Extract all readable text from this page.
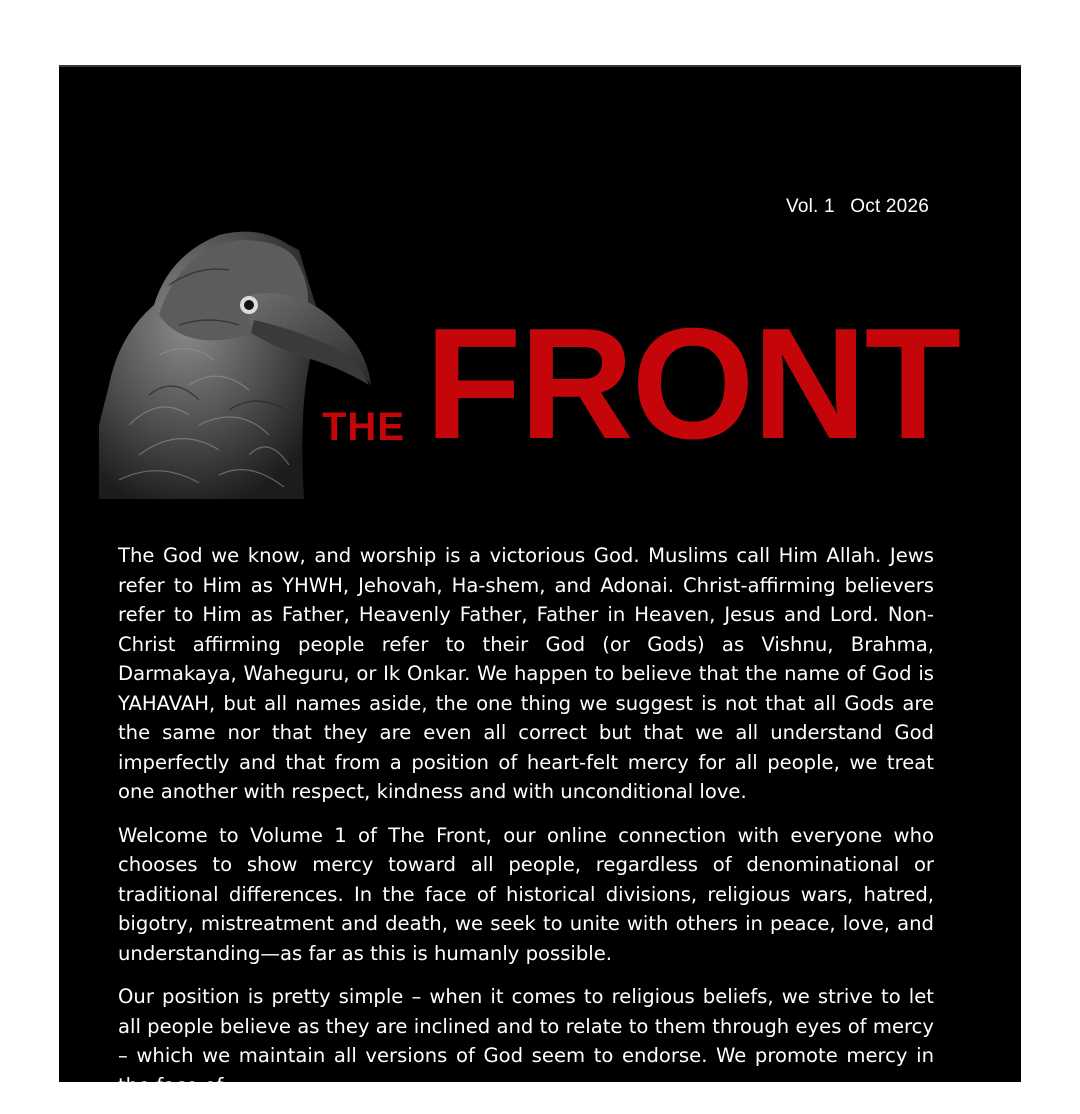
Vol. 1 Oct 2026
THE FRONT

The God we know, and worship is a victorious God. Muslims call Him Allah. Jews refer to Him as YHWH, Jehovah, Ha-shem, and Adonai. Christ-affirming believers refer to Him as Father, Heavenly Father, Father in Heaven, Jesus and Lord. Non-Christ affirming people refer to their God (or Gods) as Vishnu, Brahma, Darmakaya, Waheguru, or Ik Onkar. We happen to believe that the name of God is YAHAVAH, but all names aside, the one thing we suggest is not that all Gods are the same nor that they are even all correct but that we all understand God imperfectly and that from a position of heart-felt mercy for all people, we treat one another with respect, kindness and with unconditional love.

Welcome to Volume 1 of The Front, our online connection with everyone who chooses to show mercy toward all people, regardless of denominational or traditional differences. In the face of historical divisions, religious wars, hatred, bigotry, mistreatment and death, we seek to unite with others in peace, love, and understanding—as far as this is humanly possible.

Our position is pretty simple – when it comes to religious beliefs, we strive to let all people believe as they are inclined and to relate to them through eyes of mercy – which we maintain all versions of God seem to endorse. We promote mercy in the face of
